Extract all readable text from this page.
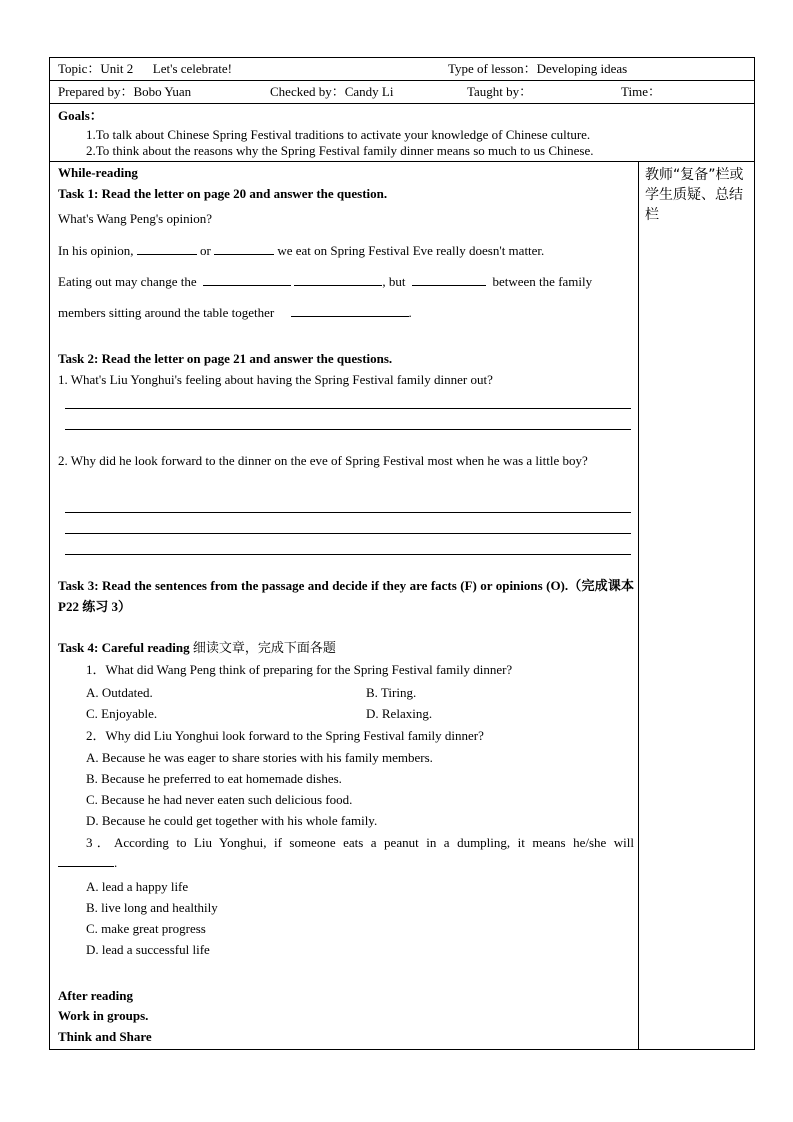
Topic：Unit 2      Let's celebrate!	Type of lesson：Developing ideas
Prepared by：Bobo Yuan	Checked by：Candy Li	Taught by：	Time：
Goals：
1.To talk about Chinese Spring Festival traditions to activate your knowledge of Chinese culture.
2.To think about the reasons why the Spring Festival family dinner means so much to us Chinese.
While-reading
Task 1: Read the letter on page 20 and answer the question.
What's Wang Peng's opinion?
In his opinion,	or	we eat on Spring Festival Eve really doesn't matter.
Eating out may change the	, but	between the family
members sitting around the table together	.
Task 2: Read the letter on page 21 and answer the questions.
1. What's Liu Yonghui's feeling about having the Spring Festival family dinner out?
2. Why did he look forward to the dinner on the eve of Spring Festival most when he was a little boy?
Task 3: Read the sentences from the passage and decide if they are facts (F) or opinions (O).（完成课本 P22 练习 3）
Task 4: Careful reading 细读文章，完成下面各题
1．What did Wang Peng think of preparing for the Spring Festival family dinner?
A. Outdated.	B. Tiring.
C. Enjoyable.	D. Relaxing.
2．Why did Liu Yonghui look forward to the Spring Festival family dinner?
A. Because he was eager to share stories with his family members.
B. Because he preferred to eat homemade dishes.
C. Because he had never eaten such delicious food.
D. Because he could get together with his whole family.
3．According to Liu Yonghui, if someone eats a peanut in a dumpling, it means he/she will
.
A. lead a happy life
B. live long and healthily
C. make great progress
D. lead a successful life
After reading
Work in groups.
Think and Share
教师“复备”栏或学生质疑、总结栏
